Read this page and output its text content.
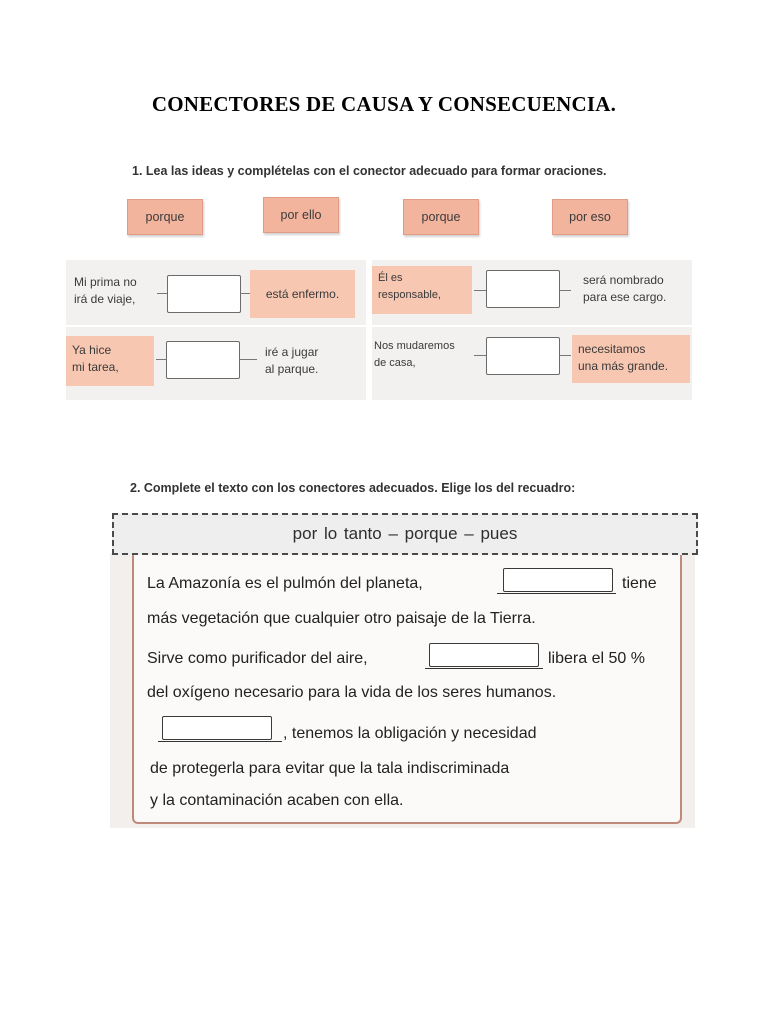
CONECTORES DE CAUSA Y CONSECUENCIA.
1. Lea las ideas y complételas con el conector adecuado para formar oraciones.
porque	por ello	porque	por eso
Mi prima no
irá de viaje,	está enfermo.
Él es
responsable,
será nombrado
para ese cargo.
Ya hice
mi tarea,
iré a jugar
al parque.
Nos mudaremos
de casa,
necesitamos
una más grande.
2. Complete el texto con los conectores adecuados. Elige los del recuadro:
por lo tanto – porque – pues
La Amazonía es el pulmón del planeta,	tiene
más vegetación que cualquier otro paisaje de la Tierra.
Sirve como purificador del aire,	libera el 50 %
del oxígeno necesario para la vida de los seres humanos.
, tenemos la obligación y necesidad
de protegerla para evitar que la tala indiscriminada
y la contaminación acaben con ella.
